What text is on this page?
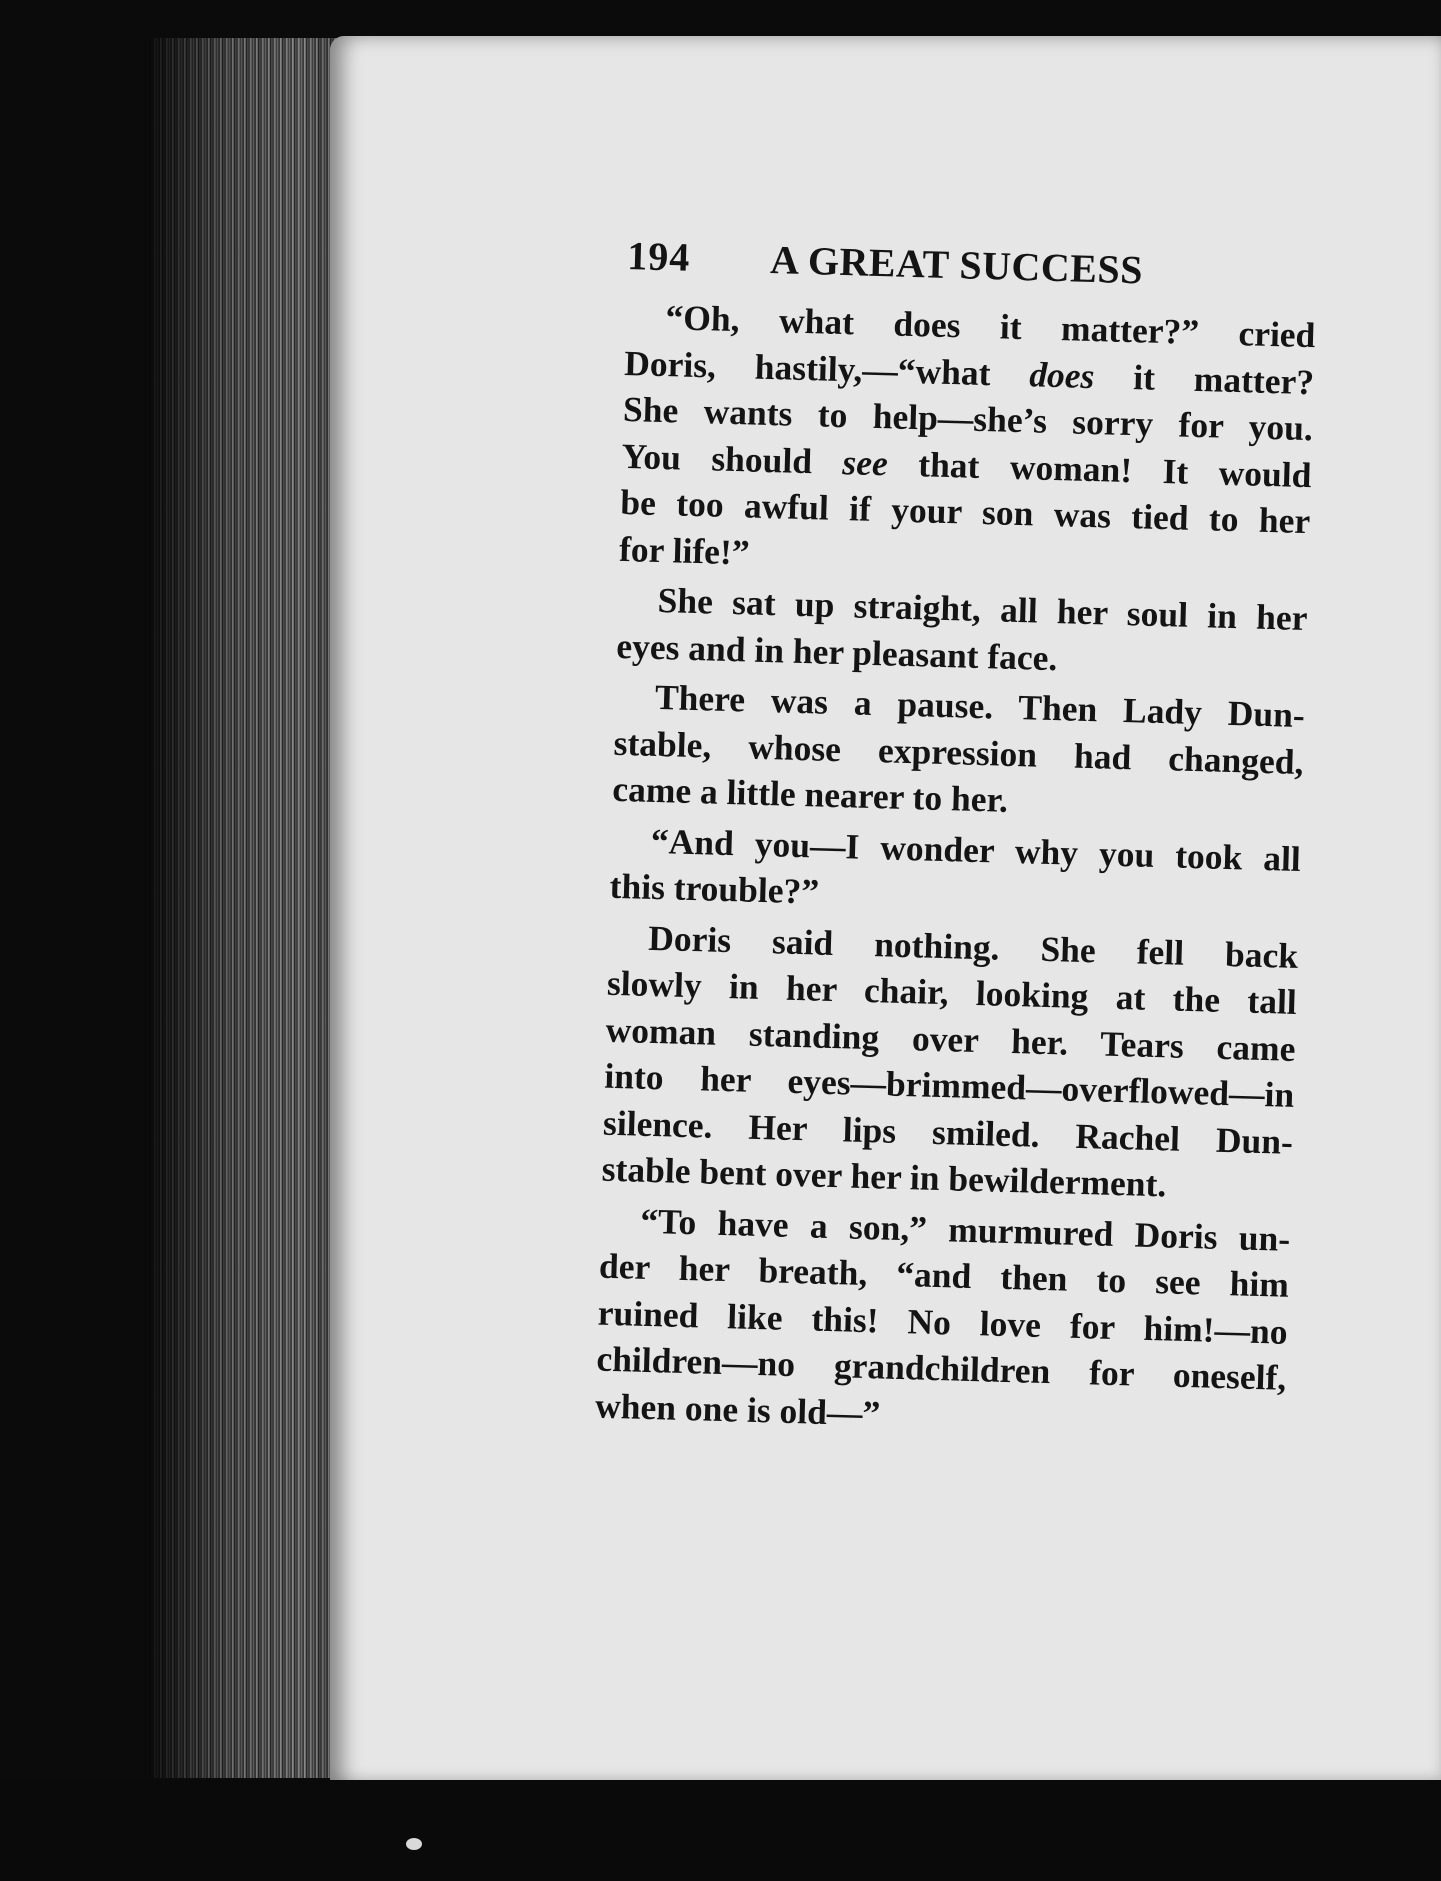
194 A GREAT SUCCESS
“Oh, what does it matter?” cried
Doris, hastily,—“what does it matter?
She wants to help—she’s sorry for you.
You should see that woman! It would
be too awful if your son was tied to her
for life!”
She sat up straight, all her soul in her
eyes and in her pleasant face.
There was a pause. Then Lady Dun-
stable, whose expression had changed,
came a little nearer to her.
“And you—I wonder why you took all
this trouble?”
Doris said nothing. She fell back
slowly in her chair, looking at the tall
woman standing over her. Tears came
into her eyes—brimmed—overflowed—in
silence. Her lips smiled. Rachel Dun-
stable bent over her in bewilderment.
“To have a son,” murmured Doris un-
der her breath, “and then to see him
ruined like this! No love for him!—no
children—no grandchildren for oneself,
when one is old—”
